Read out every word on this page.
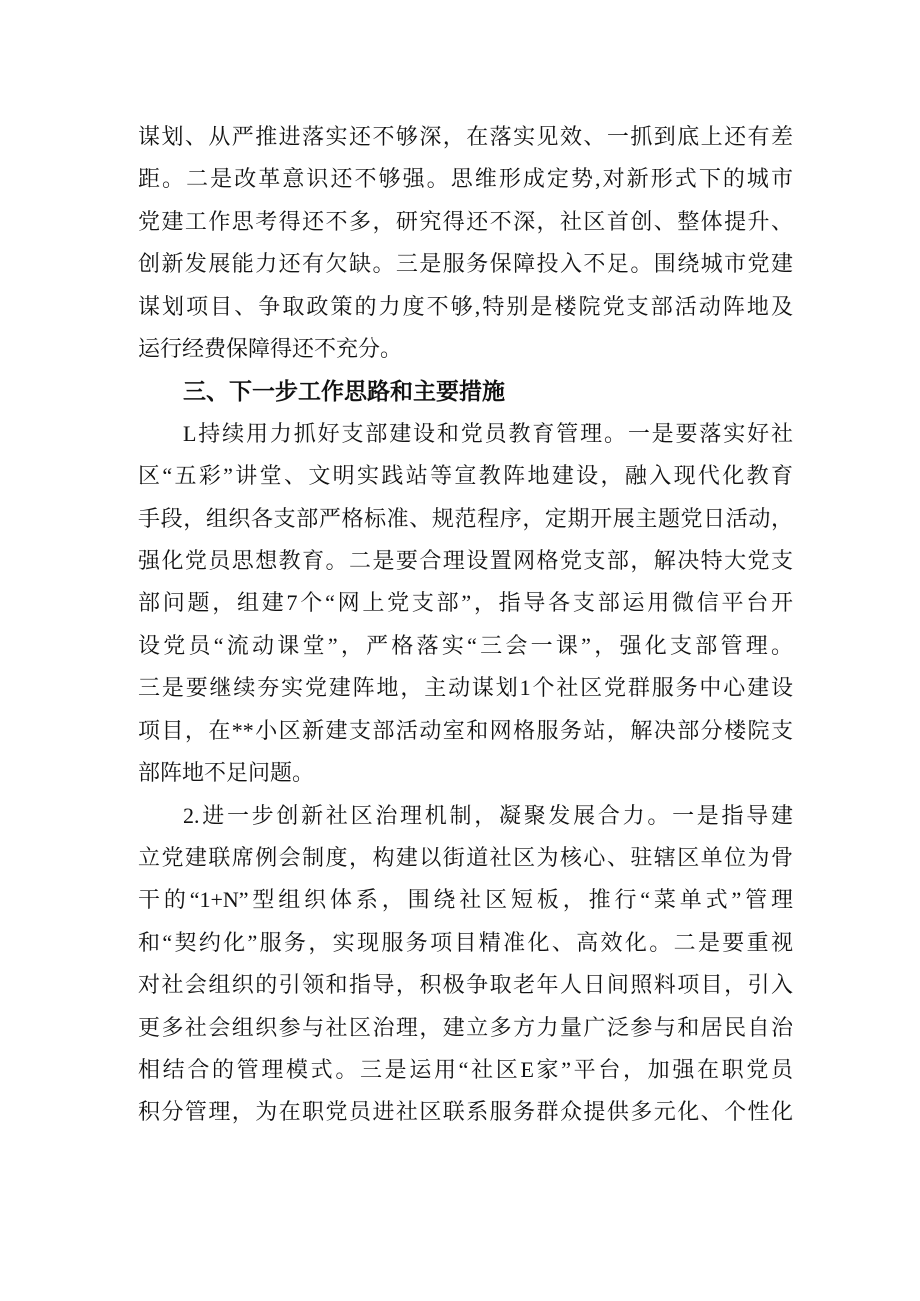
谋划、从严推进落实还不够深，在落实见效、一抓到底上还有差
距。二是改革意识还不够强。思维形成定势,对新形式下的城市
党建工作思考得还不多，研究得还不深，社区首创、整体提升、
创新发展能力还有欠缺。三是服务保障投入不足。围绕城市党建
谋划项目、争取政策的力度不够,特别是楼院党支部活动阵地及
运行经费保障得还不充分。
三、下一步工作思路和主要措施
L持续用力抓好支部建设和党员教育管理。一是要落实好社
区“五彩”讲堂、文明实践站等宣教阵地建设，融入现代化教育
手段，组织各支部严格标准、规范程序，定期开展主题党日活动，
强化党员思想教育。二是要合理设置网格党支部，解决特大党支
部问题，组建7个“网上党支部”，指导各支部运用微信平台开
设党员“流动课堂”，严格落实“三会一课”，强化支部管理。
三是要继续夯实党建阵地，主动谋划1个社区党群服务中心建设
项目，在**小区新建支部活动室和网格服务站，解决部分楼院支
部阵地不足问题。
2.进一步创新社区治理机制，凝聚发展合力。一是指导建
立党建联席例会制度，构建以街道社区为核心、驻辖区单位为骨
干的“1+N”型组织体系，围绕社区短板，推行“菜单式”管理
和“契约化”服务，实现服务项目精准化、高效化。二是要重视
对社会组织的引领和指导，积极争取老年人日间照料项目，引入
更多社会组织参与社区治理，建立多方力量广泛参与和居民自治
相结合的管理模式。三是运用“社区E家”平台，加强在职党员
积分管理，为在职党员进社区联系服务群众提供多元化、个性化
